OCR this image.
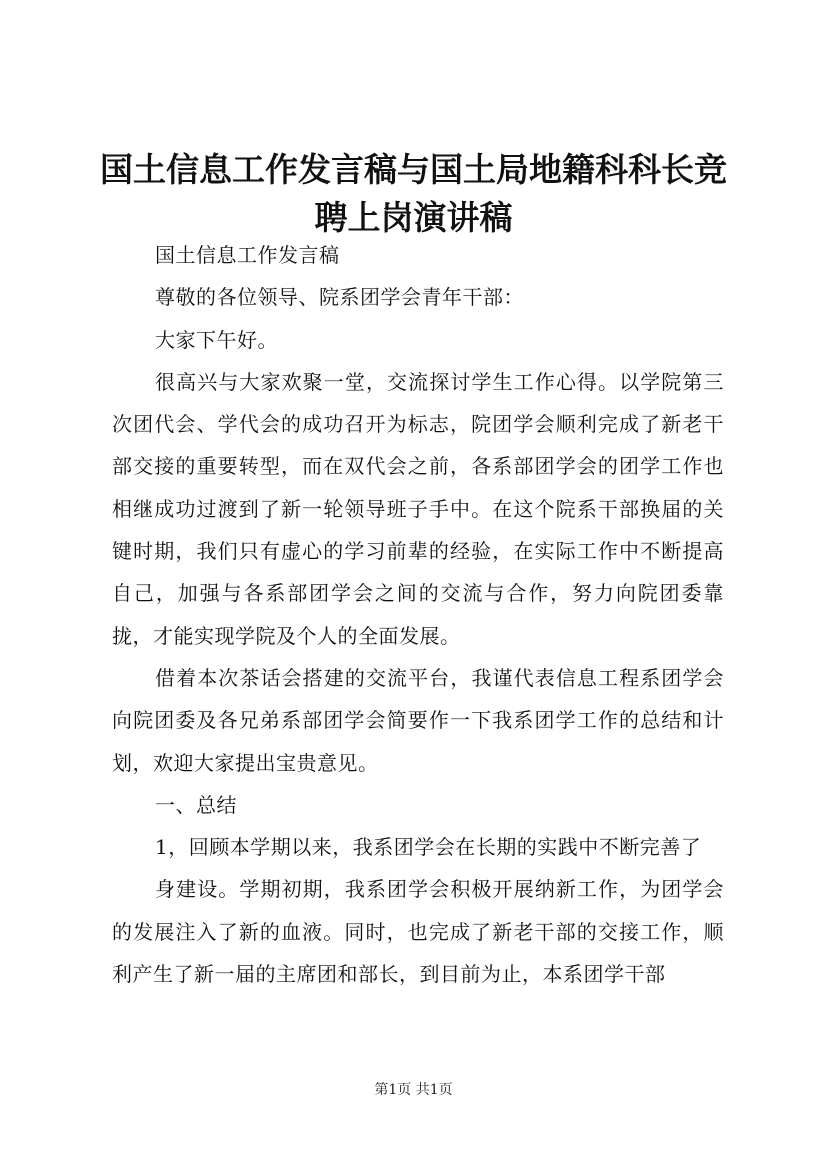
国土信息工作发言稿与国土局地籍科科长竞聘上岗演讲稿

国土信息工作发言稿

尊敬的各位领导、院系团学会青年干部：

大家下午好。

很高兴与大家欢聚一堂，交流探讨学生工作心得。以学院第三次团代会、学代会的成功召开为标志，院团学会顺利完成了新老干部交接的重要转型，而在双代会之前，各系部团学会的团学工作也相继成功过渡到了新一轮领导班子手中。在这个院系干部换届的关键时期，我们只有虚心的学习前辈的经验，在实际工作中不断提高自己，加强与各系部团学会之间的交流与合作，努力向院团委靠拢，才能实现学院及个人的全面发展。

借着本次茶话会搭建的交流平台，我谨代表信息工程系团学会向院团委及各兄弟系部团学会简要作一下我系团学工作的总结和计划，欢迎大家提出宝贵意见。

一、总结

1，回顾本学期以来，我系团学会在长期的实践中不断完善了

身建设。学期初期，我系团学会积极开展纳新工作，为团学会的发展注入了新的血液。同时，也完成了新老干部的交接工作，顺利产生了新一届的主席团和部长，到目前为止，本系团学干部

第1页 共1页
